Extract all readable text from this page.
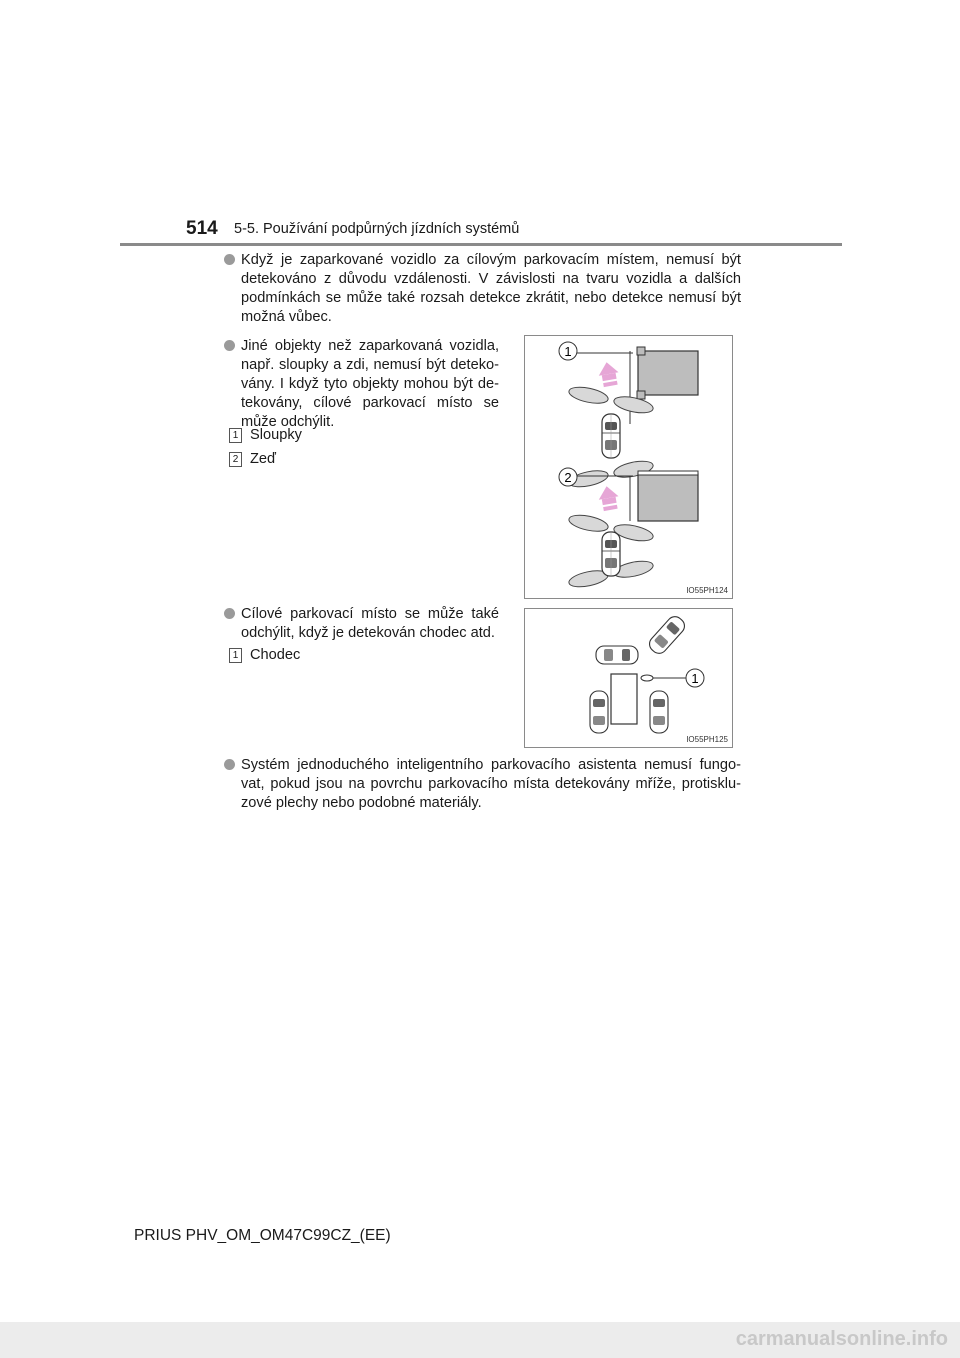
514 5-5. Používání podpůrných jízdních systémů
Když je zaparkované vozidlo za cílovým parkovacím místem, nemusí být
detekováno z důvodu vzdálenosti. V závislosti na tvaru vozidla a dalších
podmínkách se může také rozsah detekce zkrátit, nebo detekce nemusí být
možná vůbec.
Jiné objekty než zaparkovaná vozidla,
např. sloupky a zdi, nemusí být deteko-
vány. I když tyto objekty mohou být de-
tekovány, cílové parkovací místo se
může odchýlit.
1 Sloupky
2 Zeď
1
2
IO55PH124
Cílové parkovací místo se může také
odchýlit, když je detekován chodec atd.
1 Chodec
1
IO55PH125
Systém jednoduchého inteligentního parkovacího asistenta nemusí fungo-
vat, pokud jsou na povrchu parkovacího místa detekovány mříže, protisklu-
zové plechy nebo podobné materiály.
PRIUS PHV_OM_OM47C99CZ_(EE)
carmanualsonline.info
